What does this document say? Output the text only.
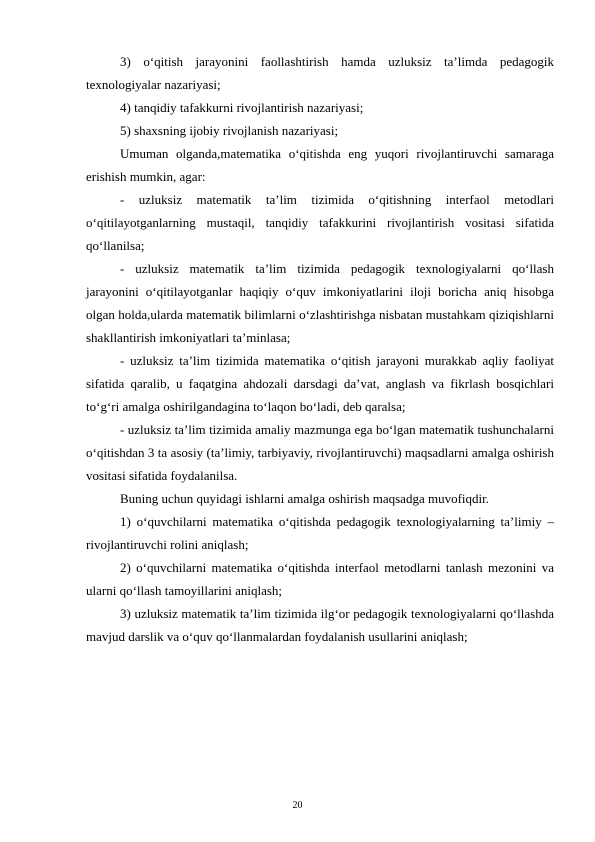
3) o‘qitish jarayonini faollashtirish hamda uzluksiz ta’limda pedagogik texnologiyalar nazariyasi;

4) tanqidiy tafakkurni rivojlantirish nazariyasi;

5) shaxsning ijobiy rivojlanish nazariyasi;

Umuman olganda,matematika o‘qitishda eng yuqori rivojlantiruvchi samaraga erishish mumkin, agar:

- uzluksiz matematik ta’lim tizimida o‘qitishning interfaol metodlari o‘qitilayotganlarning mustaqil, tanqidiy tafakkurini rivojlantirish vositasi sifatida qo‘llanilsa;

- uzluksiz matematik ta’lim tizimida pedagogik texnologiyalarni qo‘llash jarayonini o‘qitilayotganlar haqiqiy o‘quv imkoniyatlarini iloji boricha aniq hisobga olgan holda,ularda matematik bilimlarni o‘zlashtirishga nisbatan mustahkam qiziqishlarni shakllantirish imkoniyatlari ta’minlasa;

- uzluksiz ta’lim tizimida matematika o‘qitish jarayoni murakkab aqliy faoliyat sifatida qaralib, u faqatgina ahdozali darsdagi da’vat, anglash va fikrlash bosqichlari to‘g‘ri amalga oshirilgandagina to‘laqon bo‘ladi, deb qaralsa;

- uzluksiz ta’lim tizimida amaliy mazmunga ega bo‘lgan matematik tushunchalarni o‘qitishdan 3 ta asosiy (ta’limiy, tarbiyaviy, rivojlantiruvchi) maqsadlarni amalga oshirish vositasi sifatida foydalanilsa.

Buning uchun quyidagi ishlarni amalga oshirish maqsadga muvofiqdir.

1) o‘quvchilarni matematika o‘qitishda pedagogik texnologiyalarning ta’limiy – rivojlantiruvchi rolini aniqlash;

2) o‘quvchilarni matematika o‘qitishda interfaol metodlarni tanlash mezonini va ularni qo‘llash tamoyillarini aniqlash;

3) uzluksiz matematik ta’lim tizimida ilg‘or pedagogik texnologiyalarni qo‘llashda mavjud darslik va o‘quv qo‘llanmalardan foydalanish usullarini aniqlash;

20
